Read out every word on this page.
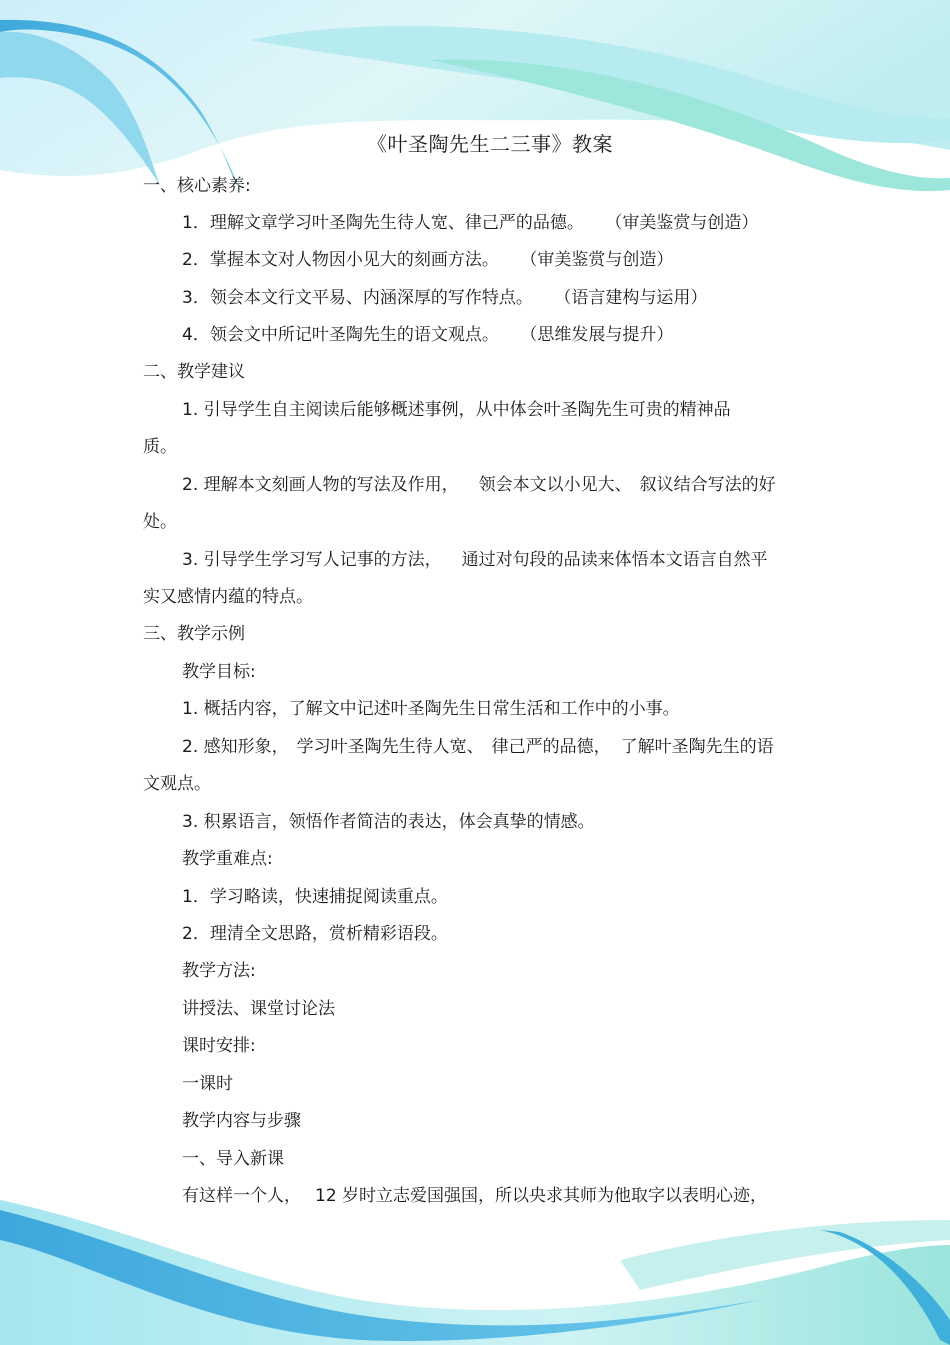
《叶圣陶先生二三事》教案
一、核心素养:
1．理解文章学习叶圣陶先生待人宽、律己严的品德。 （审美鉴赏与创造）
2．掌握本文对人物因小见大的刻画方法。 （审美鉴赏与创造）
3．领会本文行文平易、内涵深厚的写作特点。 （语言建构与运用）
4．领会文中所记叶圣陶先生的语文观点。 （思维发展与提升）
二、教学建议
1. 引导学生自主阅读后能够概述事例，从中体会叶圣陶先生可贵的精神品
质。
2. 理解本文刻画人物的写法及作用， 领会本文以小见大、 叙议结合写法的好
处。
3. 引导学生学习写人记事的方法， 通过对句段的品读来体悟本文语言自然平
实又感情内蕴的特点。
三、教学示例
教学目标:
1. 概括内容，了解文中记述叶圣陶先生日常生活和工作中的小事。
2. 感知形象， 学习叶圣陶先生待人宽、 律己严的品德， 了解叶圣陶先生的语
文观点。
3. 积累语言，领悟作者简洁的表达，体会真挚的情感。
教学重难点:
1．学习略读，快速捕捉阅读重点。
2．理清全文思路，赏析精彩语段。
教学方法:
讲授法、课堂讨论法
课时安排:
一课时
教学内容与步骤
一、导入新课
有这样一个人， 12 岁时立志爱国强国，所以央求其师为他取字以表明心迹，
